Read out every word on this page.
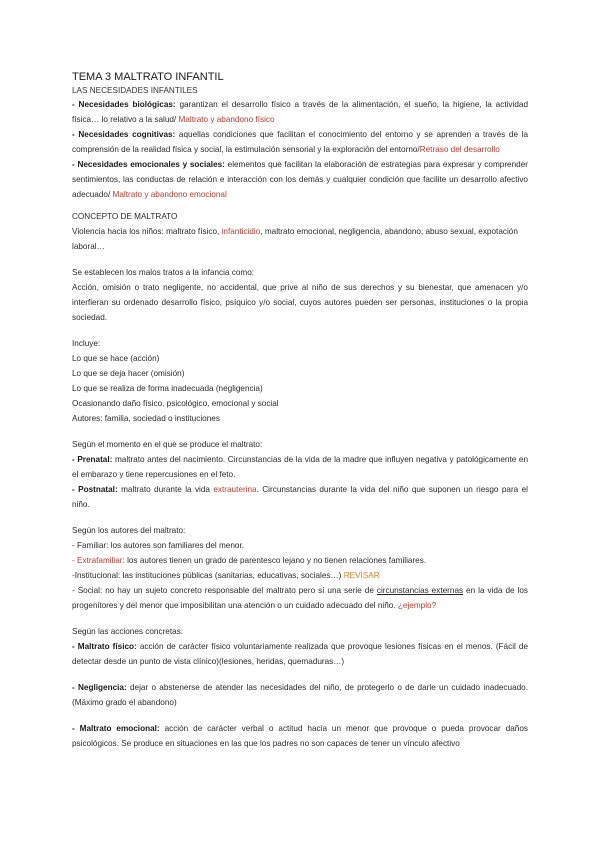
TEMA 3 MALTRATO INFANTIL

LAS NECESIDADES INFANTILES

- Necesidades biológicas: garantizan el desarrollo físico a través de la alimentación, el sueño, la higiene, la actividad física… lo relativo a la salud/ Maltrato y abandono físico

- Necesidades cognitivas: aquellas condiciones que facilitan el conocimiento del entorno y se aprenden a través de la comprensión de la realidad física y social, la estimulación sensorial y la exploración del entorno/Retraso del desarrollo

- Necesidades emocionales y sociales: elementos que facilitan la elaboración de estrategias para expresar y comprender sentimientos, las conductas de relación e interacción con los demás y cualquier condición que facilite un desarrollo afectivo adecuado/ Maltrato y abandono emocional

CONCEPTO DE MALTRATO

Violencia hacia los niños: maltrato físico, infanticidio, maltrato emocional, negligencia, abandono, abuso sexual, expotación laboral…

Se establecen los malos tratos a la infancia como:

Acción, omisión o trato negligente, no accidental, que prive al niño de sus derechos y su bienestar, que amenacen y/o interfieran su ordenado desarrollo físico, psíquico y/o social, cuyos autores pueden ser personas, instituciones o la propia sociedad.

Incluye:

Lo que se hace (acción)

Lo que se deja hacer (omisión)

Lo que se realiza de forma inadecuada (negligencia)

Ocasionando daño físico, psicológico, emocional y social

Autores: familia, sociedad o instituciones

Según el momento en el que se produce el maltrato:

- Prenatal: maltrato antes del nacimiento. Circunstancias de la vida de la madre que influyen negativa y patológicamente en el embarazo y tiene repercusiones en el feto.

- Postnatal: maltrato durante la vida extrauterina. Circunstancias durante la vida del niño que suponen un riesgo para el niño.

Según los autores del maltrato:

- Familiar: los autores son familiares del menor.

- Extrafamiliar: los autores tienen un grado de parentesco lejano y no tienen relaciones familiares.

-Institucional: las instituciones públicas (sanitarias, educativas, sociales…) REVISAR

- Social: no hay un sujeto concreto responsable del maltrato pero sí una serie de circunstancias externas en la vida de los progenitores y del menor que imposibilitan una atención o un cuidado adecuado del niño. ¿ejemplo?

Según las acciones concretas:

- Maltrato físico: acción de carácter físico voluntariamente realizada que provoque lesiones físicas en el menos. (Fácil de detectar desde un punto de vista clínico)(lesiones, heridas, quemaduras…)

- Negligencia: dejar o abstenerse de atender las necesidades del niño, de protegerlo o de darle un cuidado inadecuado. (Máximo grado el abandono)

- Maltrato emocional: acción de carácter verbal o actitud hacia un menor que provoque o pueda provocar daños psicológicos. Se produce en situaciones en las que los padres no son capaces de tener un vínculo afectivo
